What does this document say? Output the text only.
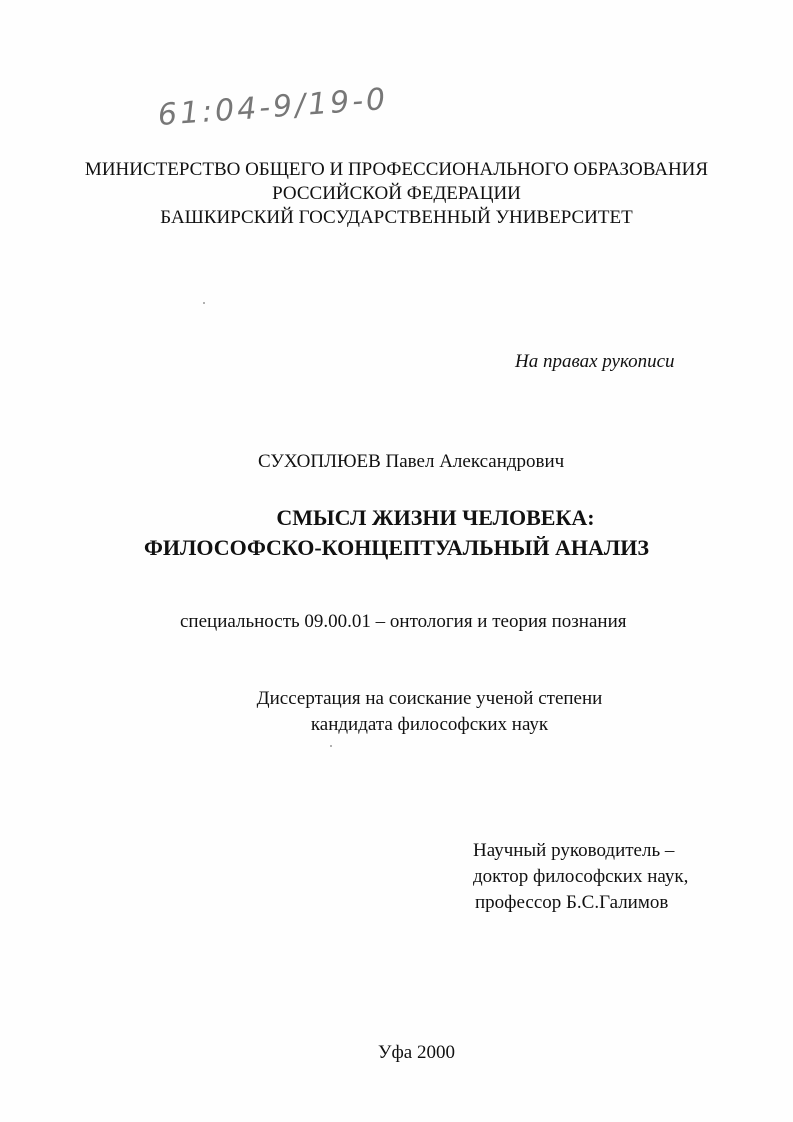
61:04-9/19-0
МИНИСТЕРСТВО ОБЩЕГО И ПРОФЕССИОНАЛЬНОГО ОБРАЗОВАНИЯ
РОССИЙСКОЙ ФЕДЕРАЦИИ
БАШКИРСКИЙ ГОСУДАРСТВЕННЫЙ УНИВЕРСИТЕТ
На правах рукописи
СУХОПЛЮЕВ Павел Александрович
СМЫСЛ ЖИЗНИ ЧЕЛОВЕКА:
ФИЛОСОФСКО-КОНЦЕПТУАЛЬНЫЙ АНАЛИЗ
специальность 09.00.01 – онтология и теория познания
Диссертация на соискание ученой степени
кандидата философских наук
Научный руководитель –
доктор философских наук,
профессор Б.С.Галимов
Уфа 2000
